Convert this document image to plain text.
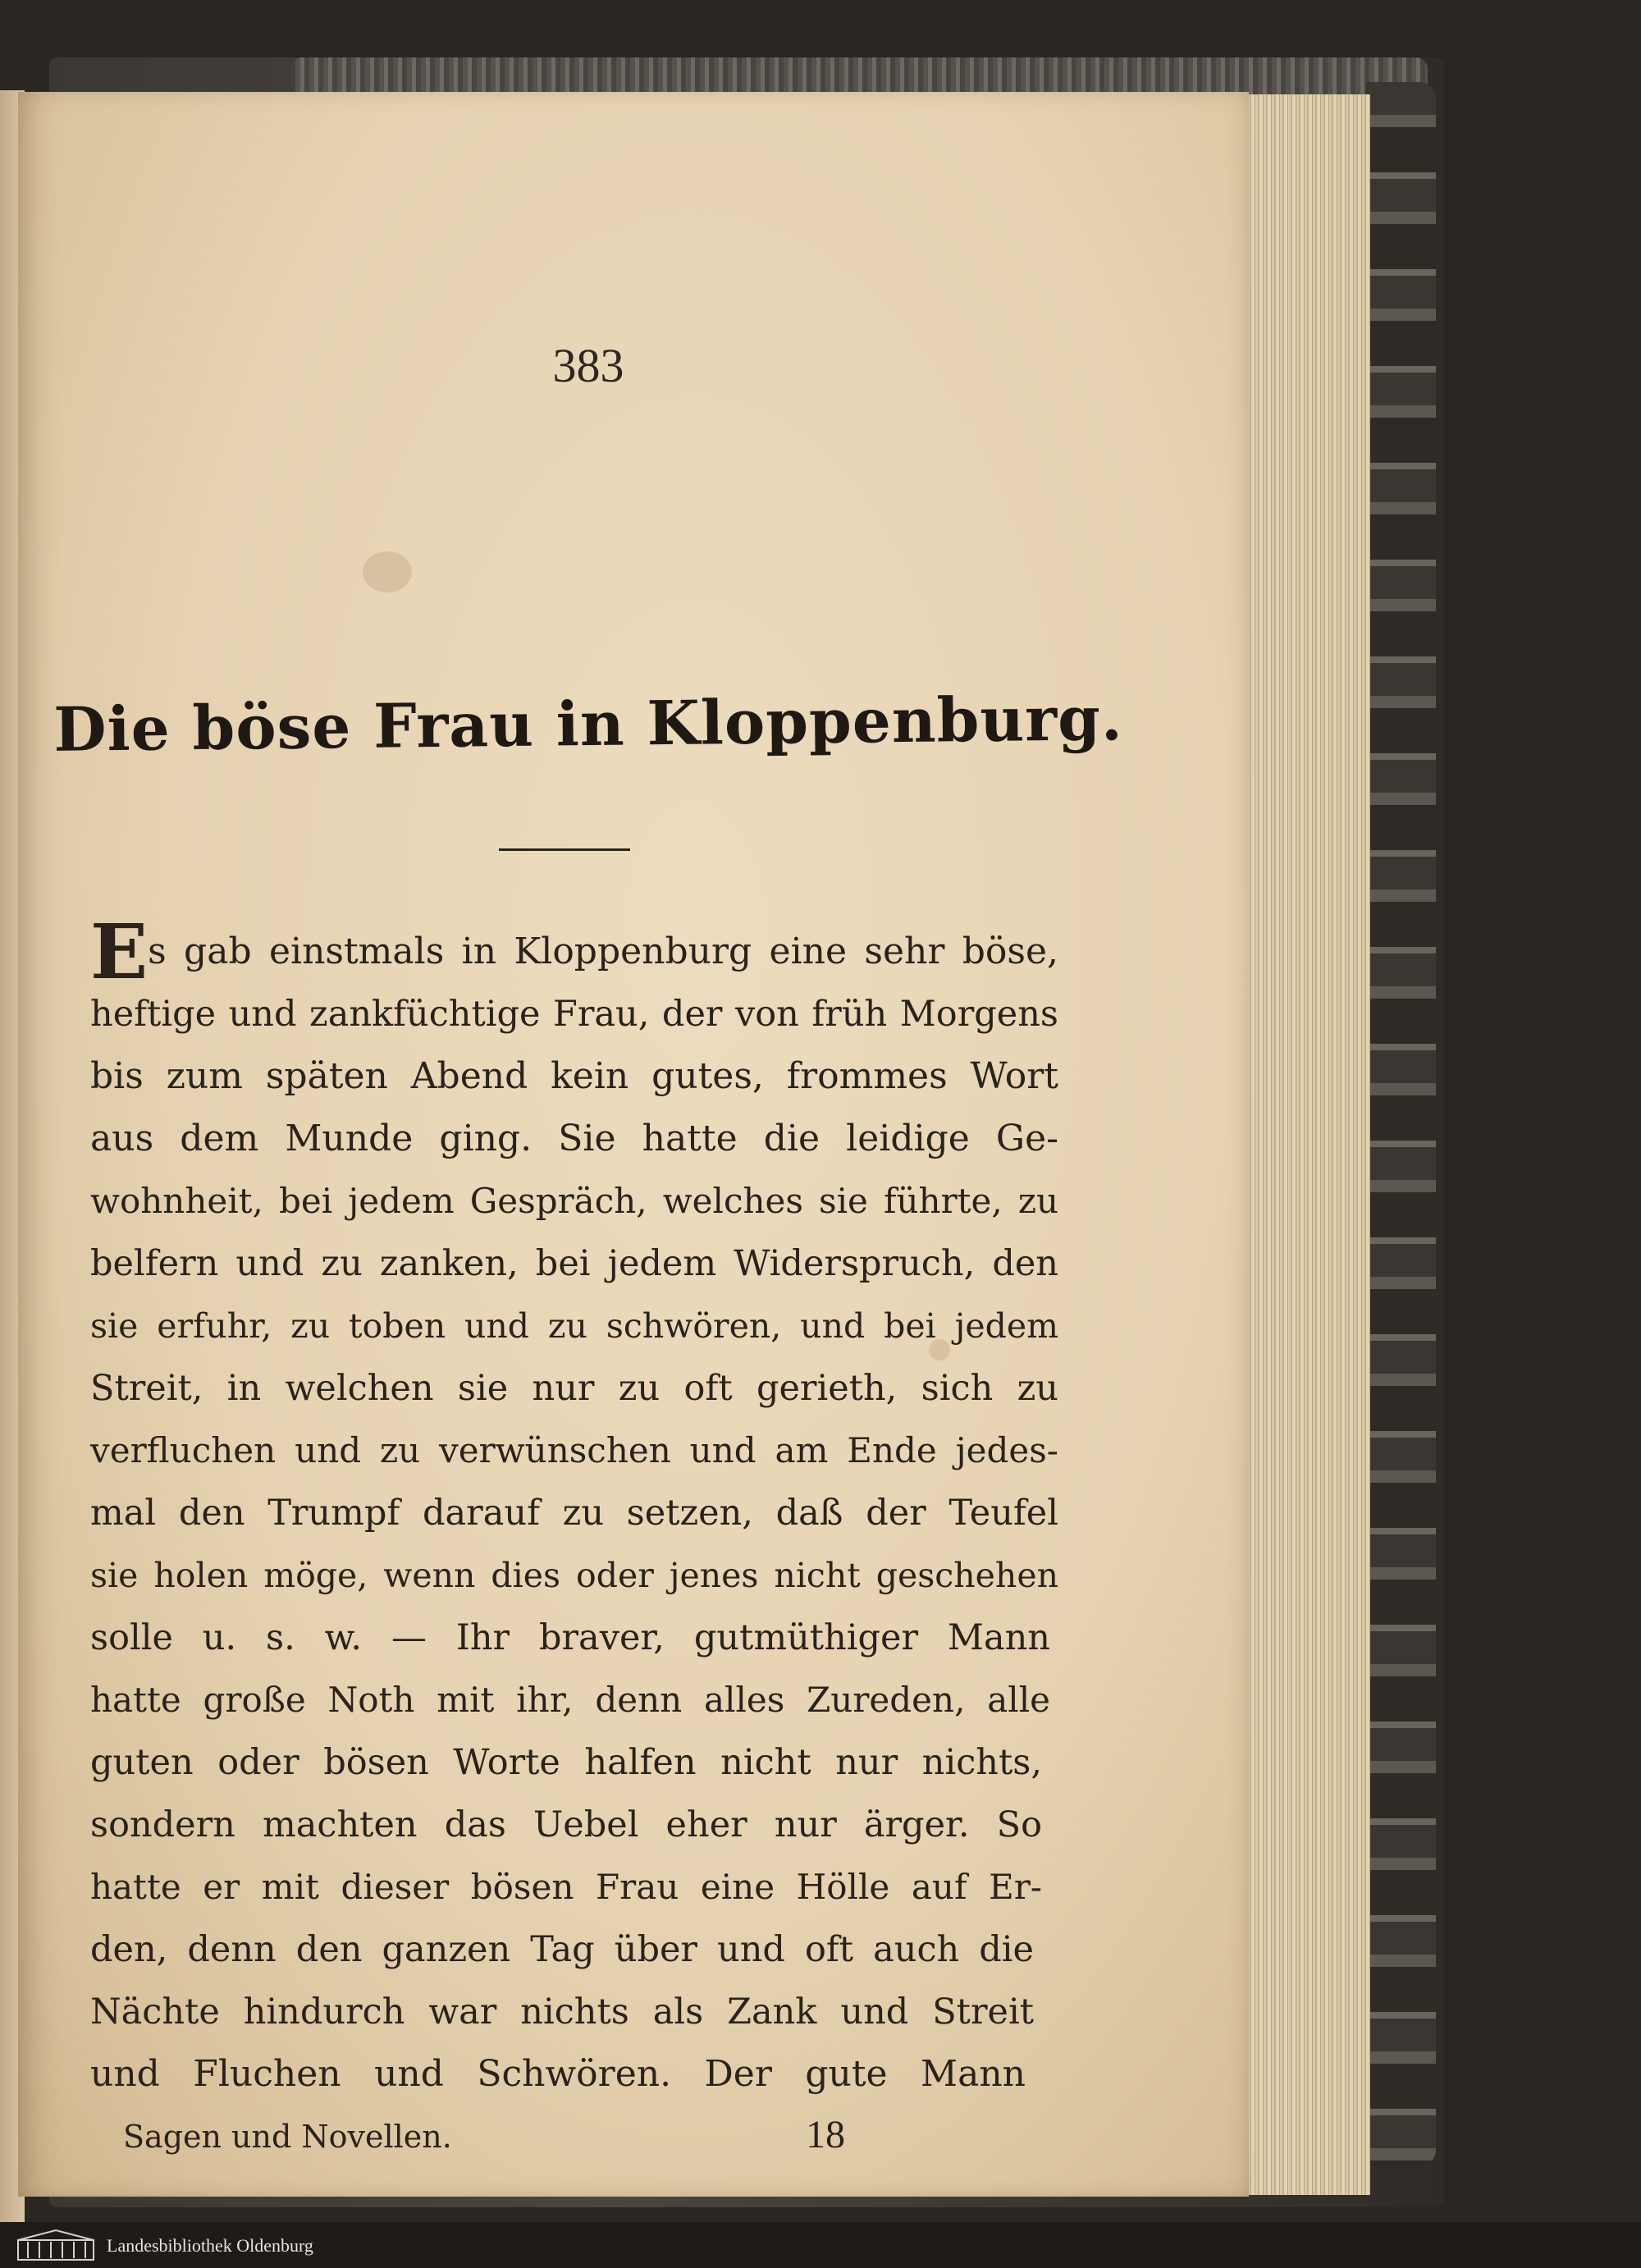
383
Die böse Frau in Kloppenburg.
Es gab einstmals in Kloppenburg eine sehr böse,
heftige und zankfüchtige Frau, der von früh Morgens
bis zum späten Abend kein gutes, frommes Wort
aus dem Munde ging. Sie hatte die leidige Ge-
wohnheit, bei jedem Gespräch, welches sie führte, zu
belfern und zu zanken, bei jedem Widerspruch, den
sie erfuhr, zu toben und zu schwören, und bei jedem
Streit, in welchen sie nur zu oft gerieth, sich zu
verfluchen und zu verwünschen und am Ende jedes-
mal den Trumpf darauf zu setzen, daß der Teufel
sie holen möge, wenn dies oder jenes nicht geschehen
solle u. s. w. — Ihr braver, gutmüthiger Mann
hatte große Noth mit ihr, denn alles Zureden, alle
guten oder bösen Worte halfen nicht nur nichts,
sondern machten das Uebel eher nur ärger. So
hatte er mit dieser bösen Frau eine Hölle auf Er-
den, denn den ganzen Tag über und oft auch die
Nächte hindurch war nichts als Zank und Streit
und Fluchen und Schwören. Der gute Mann
Sagen und Novellen.	18
Landesbibliothek Oldenburg
